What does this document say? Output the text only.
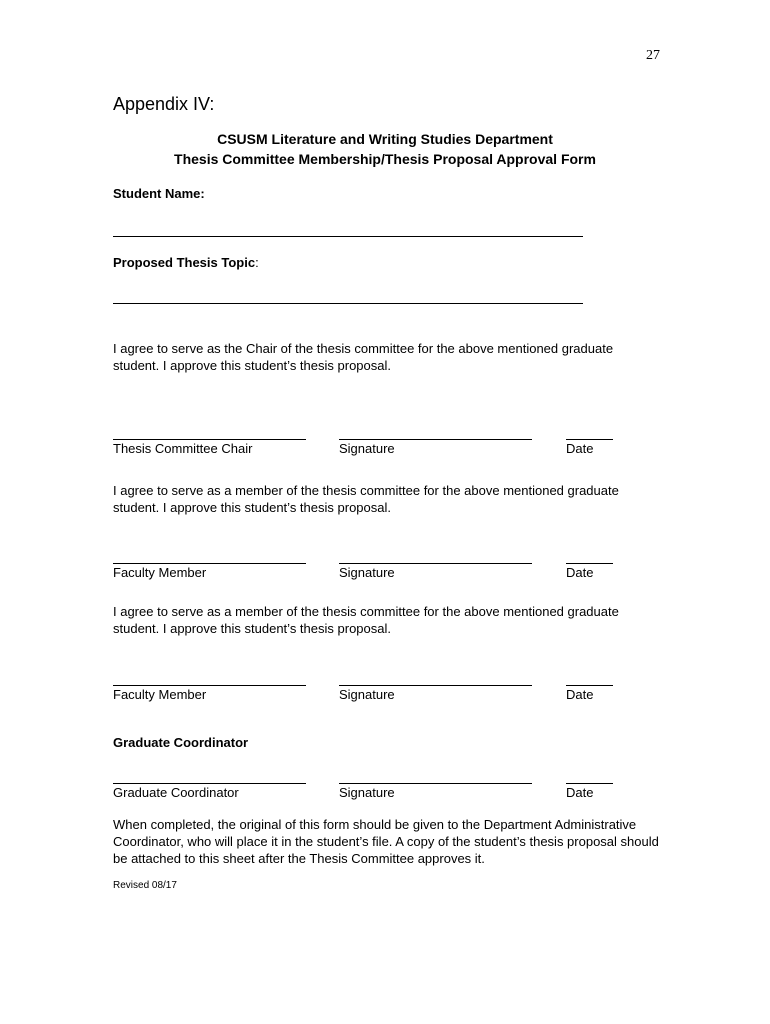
27
Appendix IV:
CSUSM Literature and Writing Studies Department
Thesis Committee Membership/Thesis Proposal Approval Form
Student Name:
Proposed Thesis Topic:
I agree to serve as the Chair of the thesis committee for the above mentioned graduate student. I approve this student’s thesis proposal.
Thesis Committee Chair	Signature	Date
I agree to serve as a member of the thesis committee for the above mentioned graduate student. I approve this student’s thesis proposal.
Faculty Member	Signature	Date
I agree to serve as a member of the thesis committee for the above mentioned graduate student. I approve this student’s thesis proposal.
Faculty Member	Signature	Date
Graduate Coordinator
Graduate Coordinator	Signature	Date
When completed, the original of this form should be given to the Department Administrative Coordinator, who will place it in the student’s file. A copy of the student’s thesis proposal should be attached to this sheet after the Thesis Committee approves it.
Revised 08/17
